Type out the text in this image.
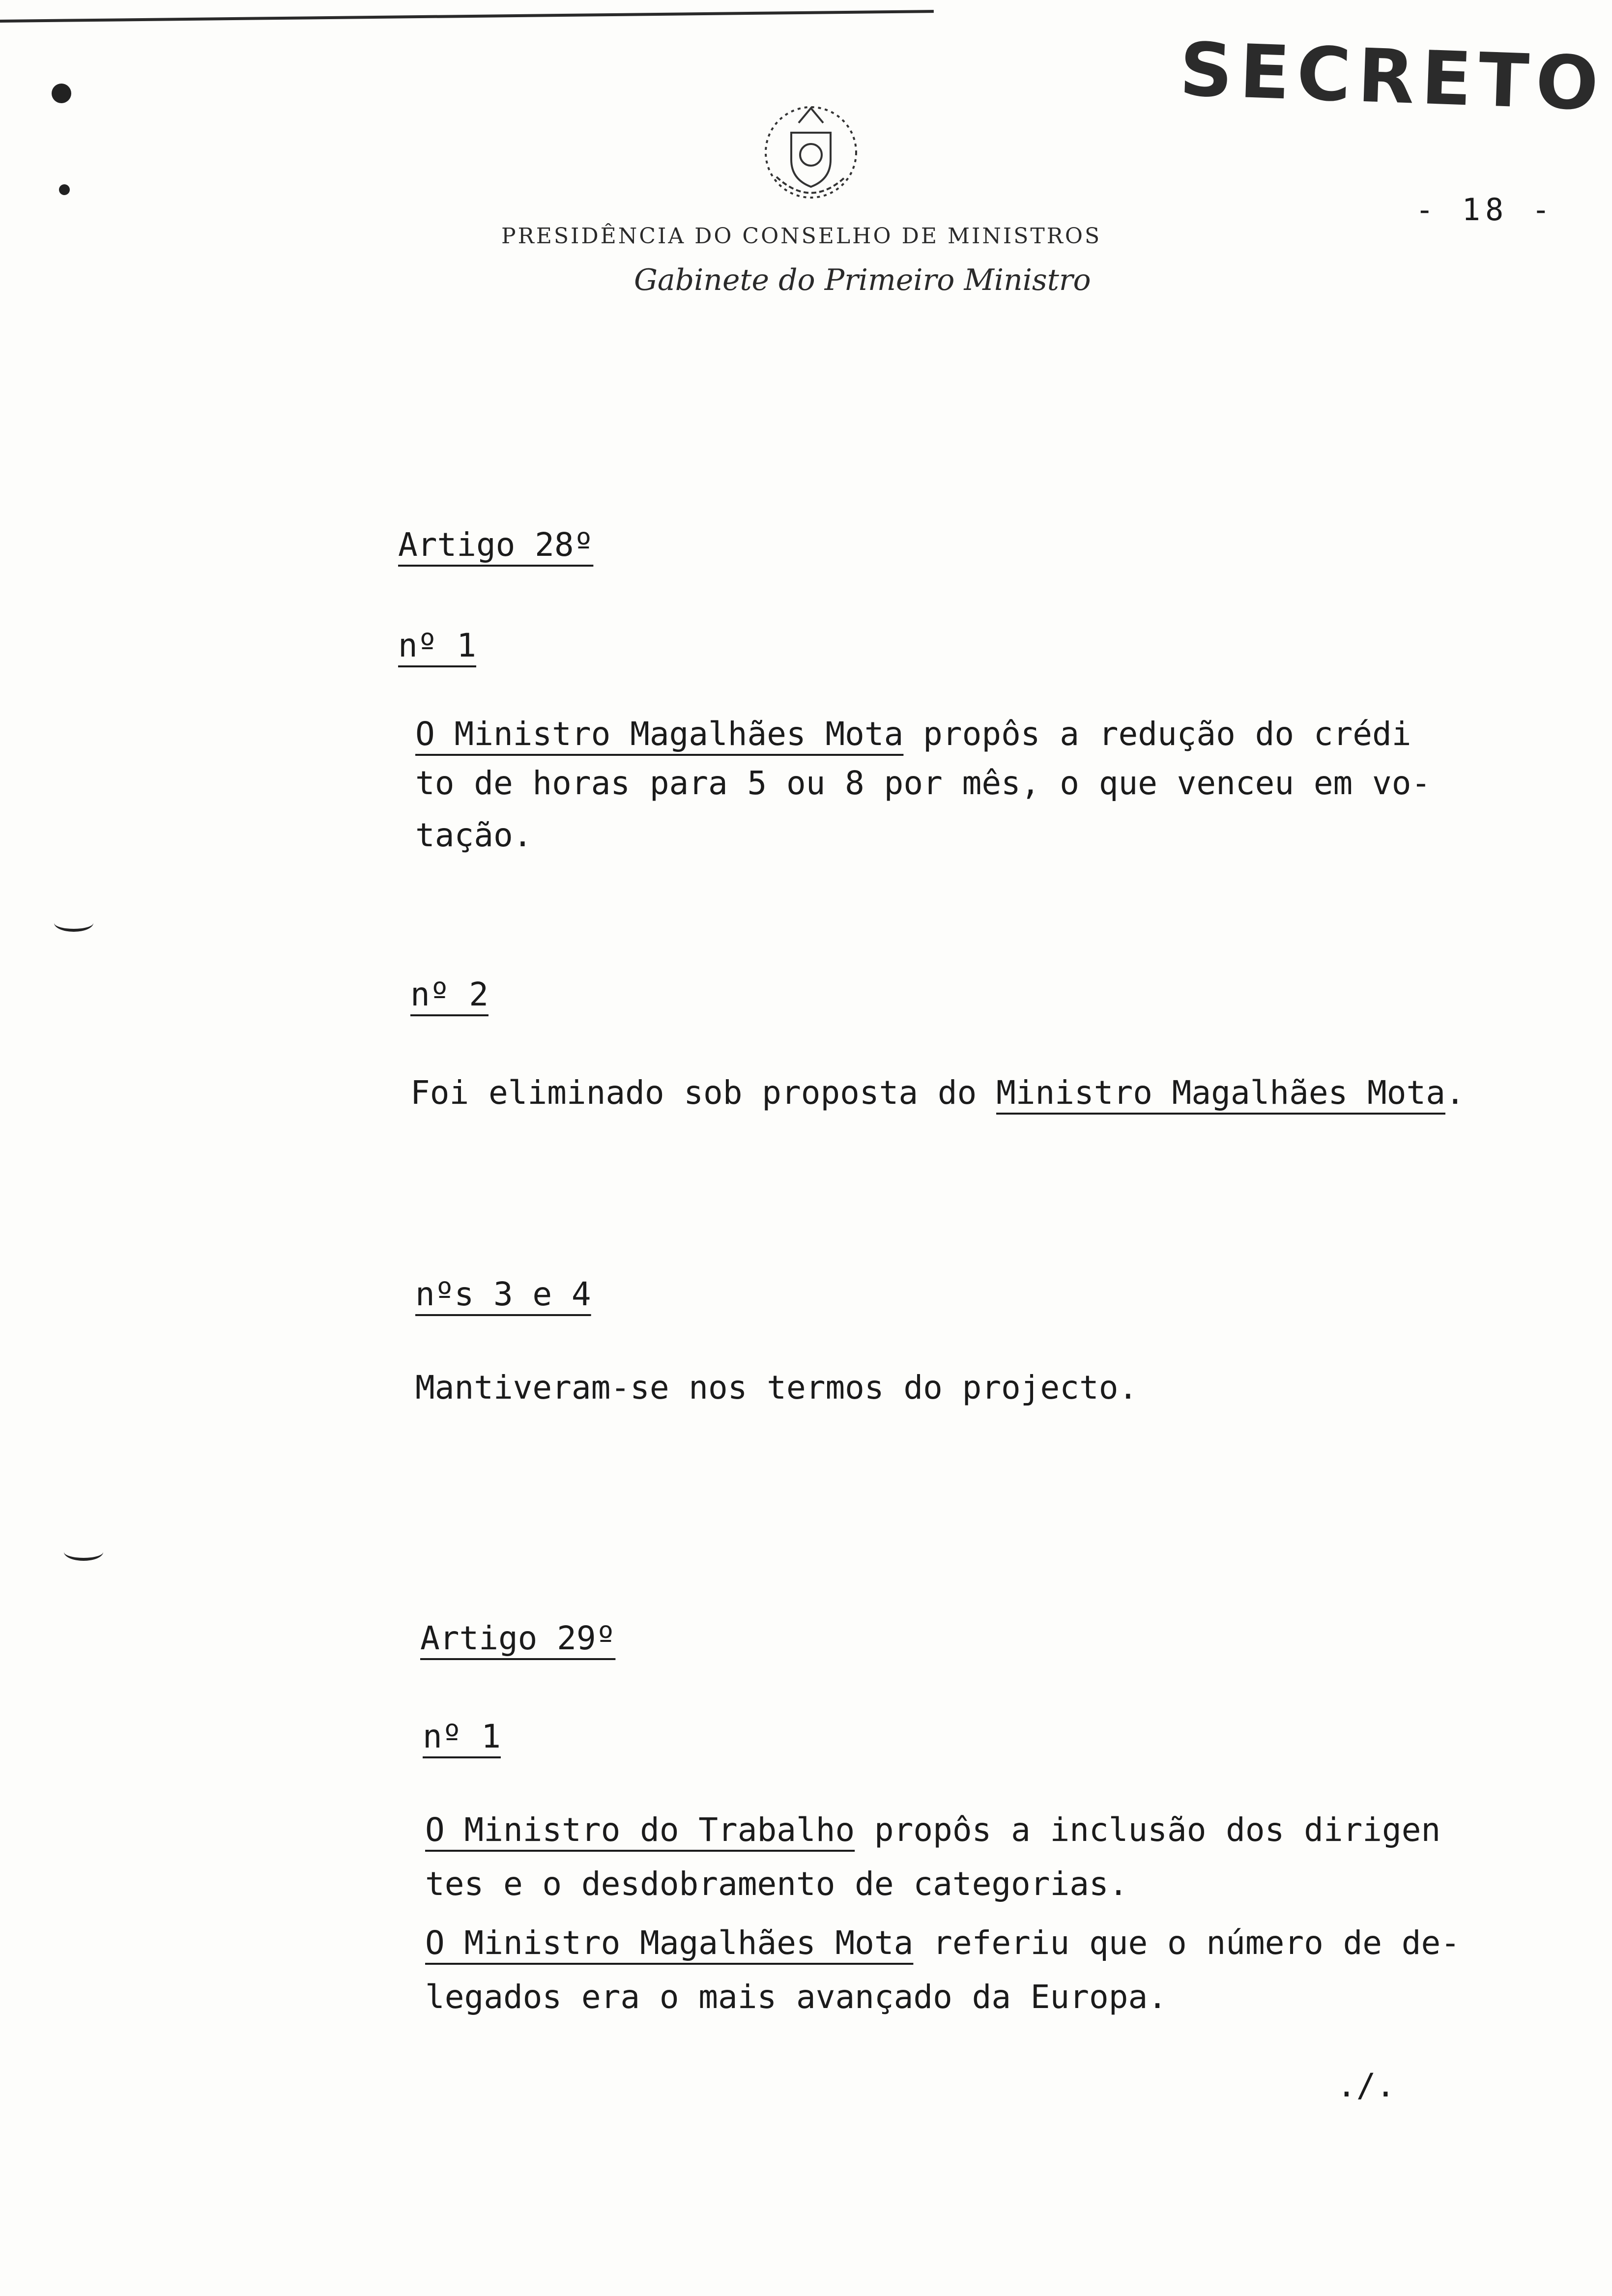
SECRETO
- 18 -
PRESIDÊNCIA DO CONSELHO DE MINISTROS
Gabinete do Primeiro Ministro
Artigo 28º
nº 1
O Ministro Magalhães Mota propôs a redução do crédi
to de horas para 5 ou 8 por mês, o que venceu em vo-
tação.
nº 2
Foi eliminado sob proposta do Ministro Magalhães Mota.
nºs 3 e 4
Mantiveram-se nos termos do projecto.
Artigo 29º
nº 1
O Ministro do Trabalho propôs a inclusão dos dirigen
tes e o desdobramento de categorias.
O Ministro Magalhães Mota referiu que o número de de-
legados era o mais avançado da Europa.
./.
